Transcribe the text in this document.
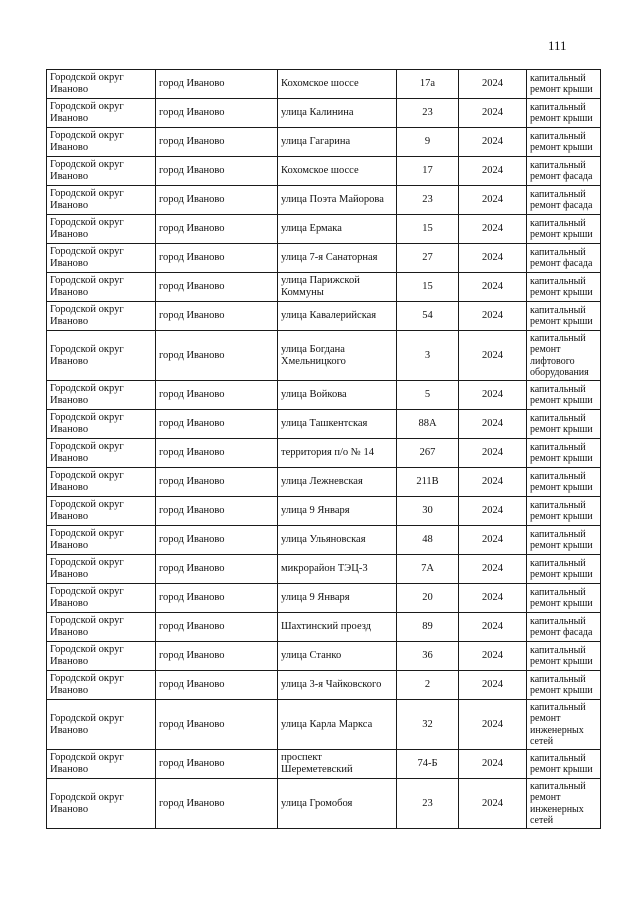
111
Городской округ Иваново	город Иваново	Кохомское шоссе	17а	2024	капитальный ремонт крыши
Городской округ Иваново	город Иваново	улица Калинина	23	2024	капитальный ремонт крыши
Городской округ Иваново	город Иваново	улица Гагарина	9	2024	капитальный ремонт крыши
Городской округ Иваново	город Иваново	Кохомское шоссе	17	2024	капитальный ремонт фасада
Городской округ Иваново	город Иваново	улица Поэта Майорова	23	2024	капитальный ремонт фасада
Городской округ Иваново	город Иваново	улица Ермака	15	2024	капитальный ремонт крыши
Городской округ Иваново	город Иваново	улица 7-я Санаторная	27	2024	капитальный ремонт фасада
Городской округ Иваново	город Иваново	улица Парижской Коммуны	15	2024	капитальный ремонт крыши
Городской округ Иваново	город Иваново	улица Кавалерийская	54	2024	капитальный ремонт крыши
Городской округ Иваново	город Иваново	улица Богдана Хмельницкого	3	2024	капитальный ремонт лифтового оборудования
Городской округ Иваново	город Иваново	улица Войкова	5	2024	капитальный ремонт крыши
Городской округ Иваново	город Иваново	улица Ташкентская	88А	2024	капитальный ремонт крыши
Городской округ Иваново	город Иваново	территория п/о № 14	267	2024	капитальный ремонт крыши
Городской округ Иваново	город Иваново	улица Лежневская	211В	2024	капитальный ремонт крыши
Городской округ Иваново	город Иваново	улица 9 Января	30	2024	капитальный ремонт крыши
Городской округ Иваново	город Иваново	улица Ульяновская	48	2024	капитальный ремонт крыши
Городской округ Иваново	город Иваново	микрорайон ТЭЦ-3	7А	2024	капитальный ремонт крыши
Городской округ Иваново	город Иваново	улица 9 Января	20	2024	капитальный ремонт крыши
Городской округ Иваново	город Иваново	Шахтинский проезд	89	2024	капитальный ремонт фасада
Городской округ Иваново	город Иваново	улица Станко	36	2024	капитальный ремонт крыши
Городской округ Иваново	город Иваново	улица 3-я Чайковского	2	2024	капитальный ремонт крыши
Городской округ Иваново	город Иваново	улица Карла Маркса	32	2024	капитальный ремонт инженерных сетей
Городской округ Иваново	город Иваново	проспект Шереметевский	74-Б	2024	капитальный ремонт крыши
Городской округ Иваново	город Иваново	улица Громобоя	23	2024	капитальный ремонт инженерных сетей
